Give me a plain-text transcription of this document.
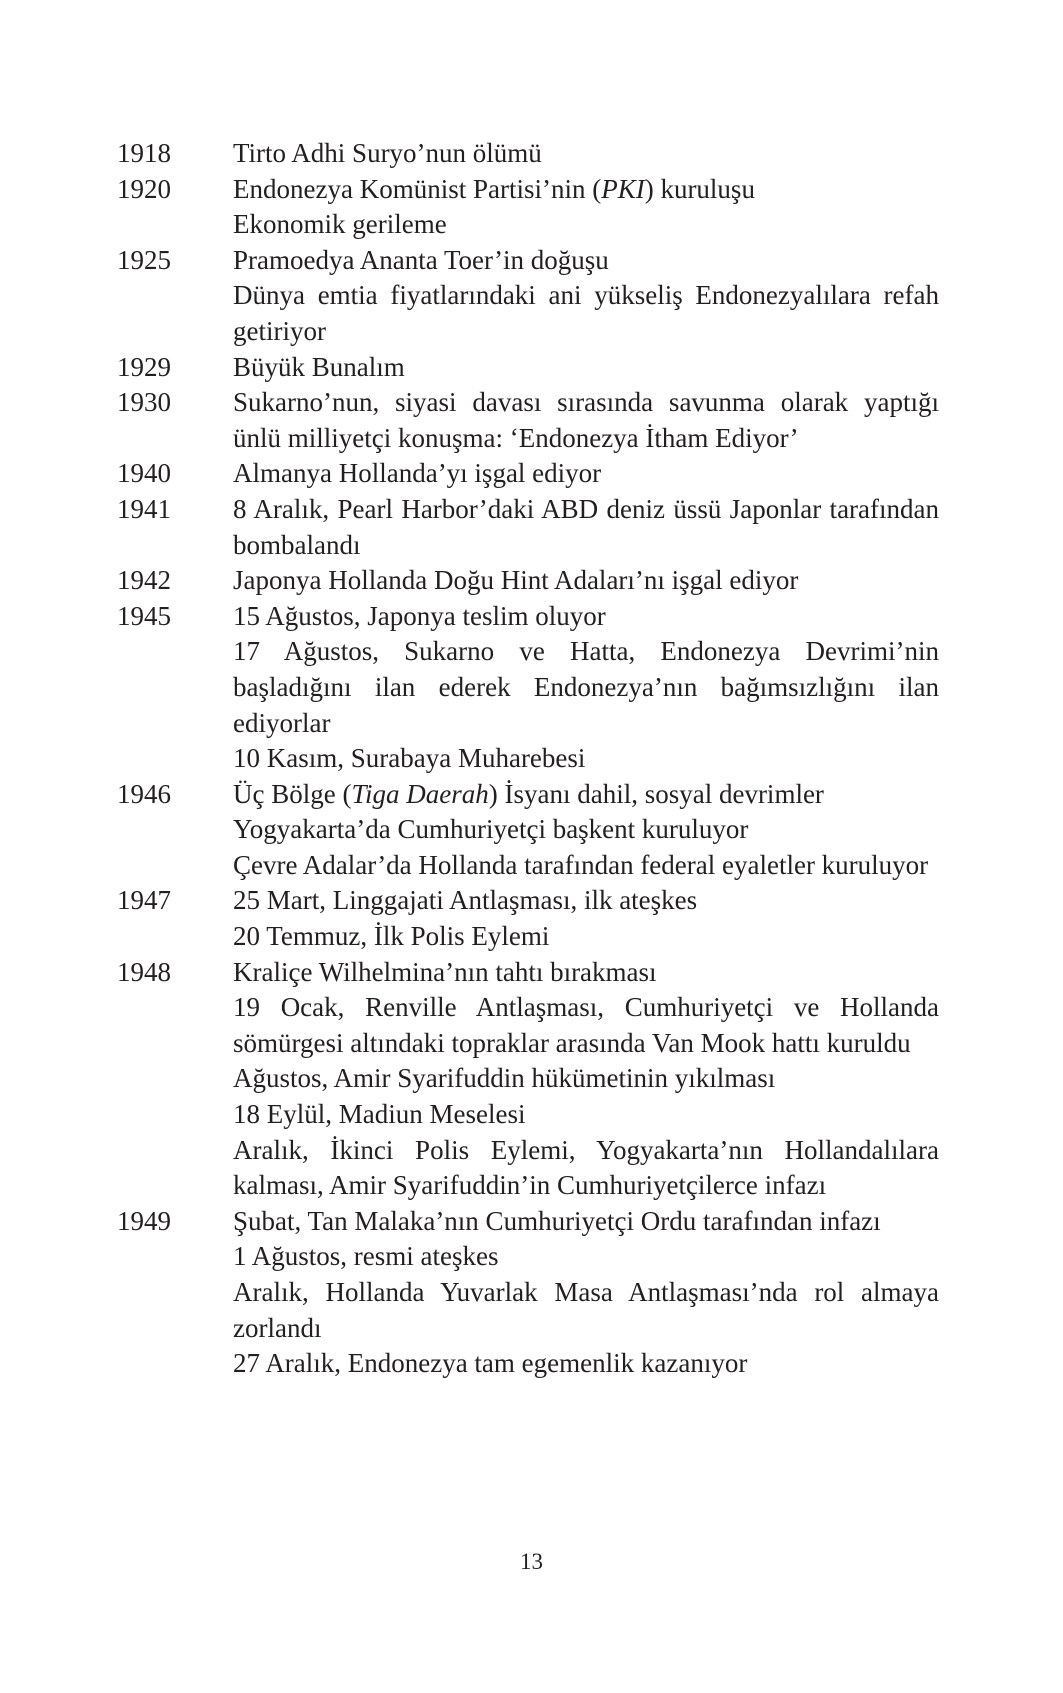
1918	Tirto Adhi Suryo’nun ölümü
1920	Endonezya Komünist Partisi’nin (PKI) kuruluşu
Ekonomik gerileme
1925	Pramoedya Ananta Toer’in doğuşu
Dünya emtia fiyatlarındaki ani yükseliş Endonezyalılara refah getiriyor
1929	Büyük Bunalım
1930	Sukarno’nun, siyasi davası sırasında savunma olarak yaptığı ünlü milliyetçi konuşma: ‘Endonezya İtham Ediyor’
1940	Almanya Hollanda’yı işgal ediyor
1941	8 Aralık, Pearl Harbor’daki ABD deniz üssü Japonlar tarafından bombalandı
1942	Japonya Hollanda Doğu Hint Adaları’nı işgal ediyor
1945	15 Ağustos, Japonya teslim oluyor
17 Ağustos, Sukarno ve Hatta, Endonezya Devrimi’nin başladığını ilan ederek Endonezya’nın bağımsızlığını ilan ediyorlar
10 Kasım, Surabaya Muharebesi
1946	Üç Bölge (Tiga Daerah) İsyanı dahil, sosyal devrimler
Yogyakarta’da Cumhuriyetçi başkent kuruluyor
Çevre Adalar’da Hollanda tarafından federal eyaletler kuruluyor
1947	25 Mart, Linggajati Antlaşması, ilk ateşkes
20 Temmuz, İlk Polis Eylemi
1948	Kraliçe Wilhelmina’nın tahtı bırakması
19 Ocak, Renville Antlaşması, Cumhuriyetçi ve Hollanda sömürgesi altındaki topraklar arasında Van Mook hattı kuruldu
Ağustos, Amir Syarifuddin hükümetinin yıkılması
18 Eylül, Madiun Meselesi
Aralık, İkinci Polis Eylemi, Yogyakarta’nın Hollandalılara kalması, Amir Syarifuddin’in Cumhuriyetçilerce infazı
1949	Şubat, Tan Malaka’nın Cumhuriyetçi Ordu tarafından infazı
1 Ağustos, resmi ateşkes
Aralık, Hollanda Yuvarlak Masa Antlaşması’nda rol almaya zorlandı
27 Aralık, Endonezya tam egemenlik kazanıyor
13
